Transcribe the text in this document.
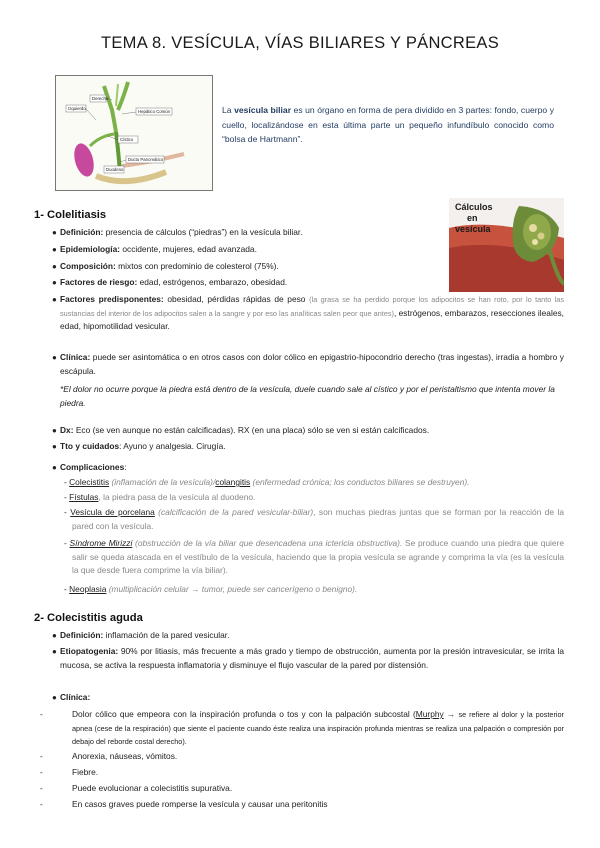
TEMA 8. VESÍCULA, VÍAS BILIARES Y PÁNCREAS
Derecho
Izquierdo
Hepático Común
Cístico
Ducto Pancreático
Duodeno
La vesícula biliar es un órgano en forma de pera dividido en 3 partes: fondo, cuerpo y cuello, localizándose en esta última parte un pequeño infundíbulo conocido como “bolsa de Hartmann”.
Cálculos
en
vesícula
1- Colelitiasis
● Definición: presencia de cálculos (“piedras”) en la vesícula biliar.
● Epidemiología: occidente, mujeres, edad avanzada.
● Composición: mixtos con predominio de colesterol (75%).
● Factores de riesgo: edad, estrógenos, embarazo, obesidad.
● Factores predisponentes: obesidad, pérdidas rápidas de peso (la grasa se ha perdido porque los adipocitos se han roto, por lo tanto las sustancias del interior de los adipocitos salen a la sangre y por eso las analíticas salen peor que antes), estrógenos, embarazos, resecciones ileales, edad, hipomotilidad vesicular.
● Clínica: puede ser asintomática o en otros casos con dolor cólico en epigastrio-hipocondrio derecho (tras ingestas), irradia a hombro y escápula.
*El dolor no ocurre porque la piedra está dentro de la vesícula, duele cuando sale al cístico y por el peristaltismo que intenta mover la piedra.
● Dx: Eco (se ven aunque no están calcificadas). RX (en una placa) sólo se ven si están calcificados.
● Tto y cuidados: Ayuno y analgesia. Cirugía.
● Complicaciones:
- Colecistitis (inflamación de la vesícula)/colangitis (enfermedad crónica; los conductos biliares se destruyen).
- Fístulas, la piedra pasa de la vesícula al duodeno.
- Vesícula de porcelana (calcificación de la pared vesicular-biliar), son muchas piedras juntas que se forman por la reacción de la pared con la vesícula.
- Síndrome Mirizzi (obstrucción de la vía biliar que desencadena una ictericia obstructiva). Se produce cuando una piedra que quiere salir se queda atascada en el vestíbulo de la vesícula, haciendo que la propia vesícula se agrande y comprima la vía (es la vesícula la que desde fuera comprime la vía biliar).
- Neoplasia (multiplicación celular → tumor, puede ser cancerígeno o benigno).
2- Colecistitis aguda
● Definición: inflamación de la pared vesicular.
● Etiopatogenia: 90% por litiasis, más frecuente a más grado y tiempo de obstrucción, aumenta por la presión intravesicular, se irrita la mucosa, se activa la respuesta inflamatoria y disminuye el flujo vascular de la pared por distensión.
● Clínica:
-	Dolor cólico que empeora con la inspiración profunda o tos y con la palpación subcostal (Murphy → se refiere al dolor y la posterior apnea (cese de la respiración) que siente el paciente cuando éste realiza una inspiración profunda mientras se realiza una palpación o compresión por debajo del reborde costal derecho).
-	Anorexia, náuseas, vómitos.
-	Fiebre.
-	Puede evolucionar a colecistitis supurativa.
-	En casos graves puede romperse la vesícula y causar una peritonitis
